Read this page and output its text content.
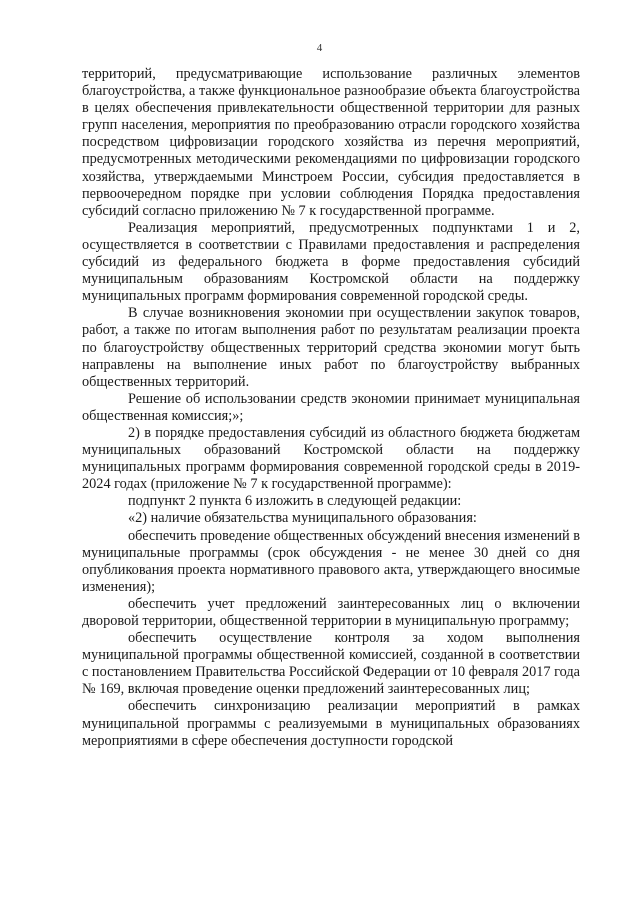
4

территорий, предусматривающие использование различных элементов благоустройства, а также функциональное разнообразие объекта благоустройства в целях обеспечения привлекательности общественной территории для разных групп населения, мероприятия по преобразованию отрасли городского хозяйства посредством цифровизации городского хозяйства из перечня мероприятий, предусмотренных методическими рекомендациями по цифровизации городского хозяйства, утверждаемыми Минстроем России, субсидия предоставляется в первоочередном порядке при условии соблюдения Порядка предоставления субсидий согласно приложению № 7 к государственной программе.

Реализация мероприятий, предусмотренных подпунктами 1 и 2, осуществляется в соответствии с Правилами предоставления и распределения субсидий из федерального бюджета в форме предоставления субсидий муниципальным образованиям Костромской области на поддержку муниципальных программ формирования современной городской среды.

В случае возникновения экономии при осуществлении закупок товаров, работ, а также по итогам выполнения работ по результатам реализации проекта по благоустройству общественных территорий средства экономии могут быть направлены на выполнение иных работ по благоустройству выбранных общественных территорий.

Решение об использовании средств экономии принимает муниципальная общественная комиссия;»;

2) в порядке предоставления субсидий из областного бюджета бюджетам муниципальных образований Костромской области на поддержку муниципальных программ формирования современной городской среды в 2019-2024 годах (приложение № 7 к государственной программе):

подпункт 2 пункта 6 изложить в следующей редакции:

«2) наличие обязательства муниципального образования:

обеспечить проведение общественных обсуждений внесения изменений в муниципальные программы (срок обсуждения - не менее 30 дней со дня опубликования проекта нормативного правового акта, утверждающего вносимые изменения);

обеспечить учет предложений заинтересованных лиц о включении дворовой территории, общественной территории в муниципальную программу;

обеспечить осуществление контроля за ходом выполнения муниципальной программы общественной комиссией, созданной в соответствии с постановлением Правительства Российской Федерации от 10 февраля 2017 года № 169, включая проведение оценки предложений заинтересованных лиц;

обеспечить синхронизацию реализации мероприятий в рамках муниципальной программы с реализуемыми в муниципальных образованиях мероприятиями в сфере обеспечения доступности городской
